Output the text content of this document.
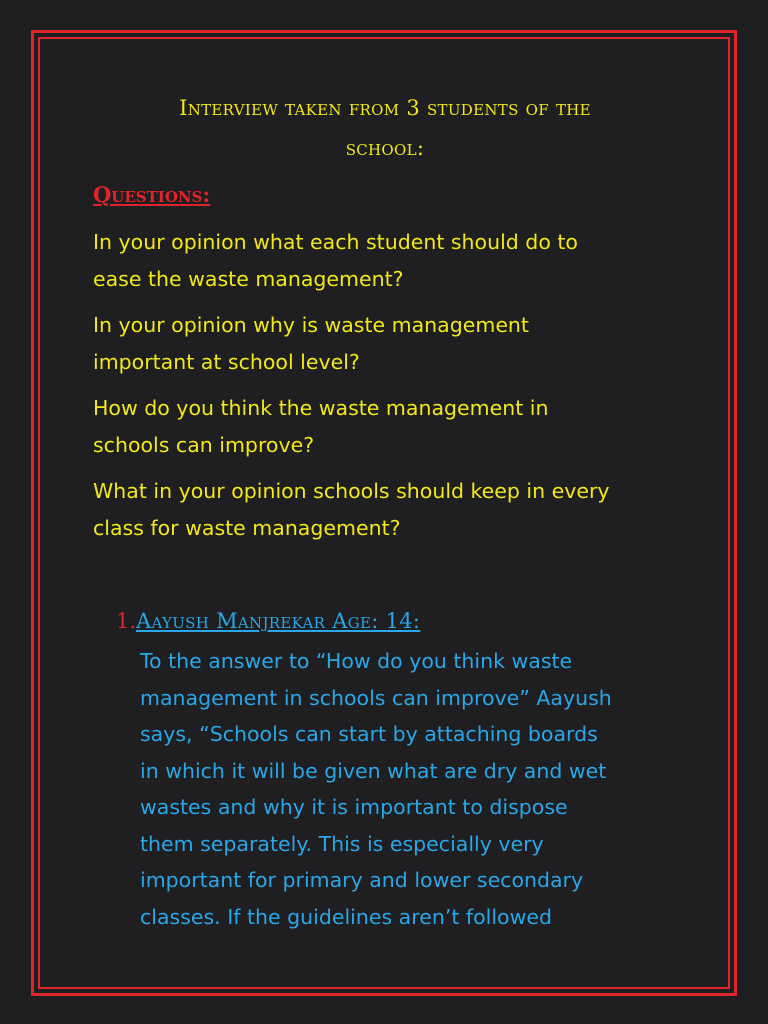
Interview taken from 3 students of the
school:
Questions:

In your opinion what each student should do to
ease the waste management?

In your opinion why is waste management
important at school level?

How do you think the waste management in
schools can improve?

What in your opinion schools should keep in every
class for waste management?

1.Aayush Manjrekar Age: 14:

To the answer to “How do you think waste
management in schools can improve” Aayush
says, “Schools can start by attaching boards
in which it will be given what are dry and wet
wastes and why it is important to dispose
them separately. This is especially very
important for primary and lower secondary
classes. If the guidelines aren’t followed
